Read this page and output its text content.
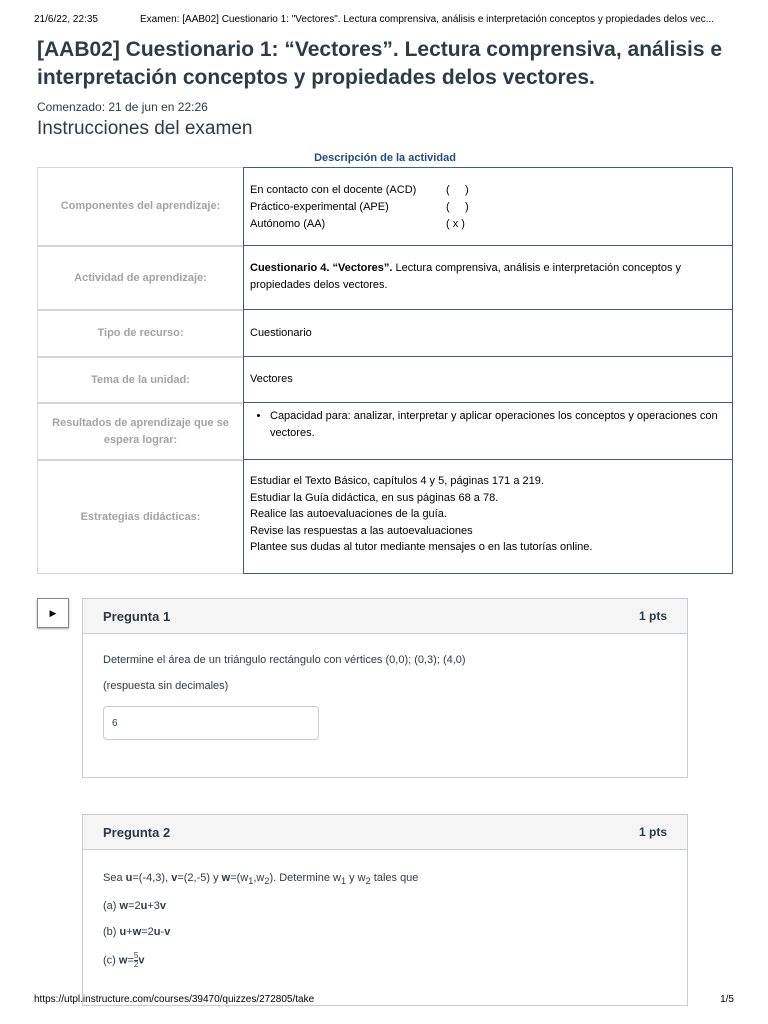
21/6/22, 22:35	Examen: [AAB02] Cuestionario 1: "Vectores". Lectura comprensiva, análisis e interpretación conceptos y propiedades delos vec...
[AAB02] Cuestionario 1: “Vectores”. Lectura comprensiva, análisis e interpretación conceptos y propiedades delos vectores.
Comenzado: 21 de jun en 22:26
Instrucciones del examen
Descripción de la actividad
Componentes del aprendizaje:
En contacto con el docente (ACD)	(     )
Práctico-experimental (APE)	(     )
Autónomo (AA)	( x )
Actividad de aprendizaje:
Cuestionario 4. “Vectores”. Lectura comprensiva, análisis e interpretación conceptos y propiedades delos vectores.
Tipo de recurso:	Cuestionario
Tema de la unidad:	Vectores
Resultados de aprendizaje que se espera lograr:
• Capacidad para: analizar, interpretar y aplicar operaciones los conceptos y operaciones con vectores.
Estrategias didácticas:
Estudiar el Texto Básico, capítulos 4 y 5, páginas 171 a 219.
Estudiar la Guía didáctica, en sus páginas 68 a 78.
Realice las autoevaluaciones de la guía.
Revise las respuestas a las autoevaluaciones
Plantee sus dudas al tutor mediante mensajes o en las tutorías online.
▶	Pregunta 1	1 pts

Determine el área de un triángulo rectángulo con vértices (0,0); (0,3); (4,0)

(respuesta sin decimales)

6
Pregunta 2	1 pts

Sea u=(-4,3), v=(2,-5) y $w=(w_1,w_2)$. Determine $w_1$ y $w_2$ tales que

(a) w=2u+3v

(b) u+w=2u-v

(c) $w= \frac{5}{2}$ v

https://utpl.instructure.com/courses/39470/quizzes/272805/take	1/5
